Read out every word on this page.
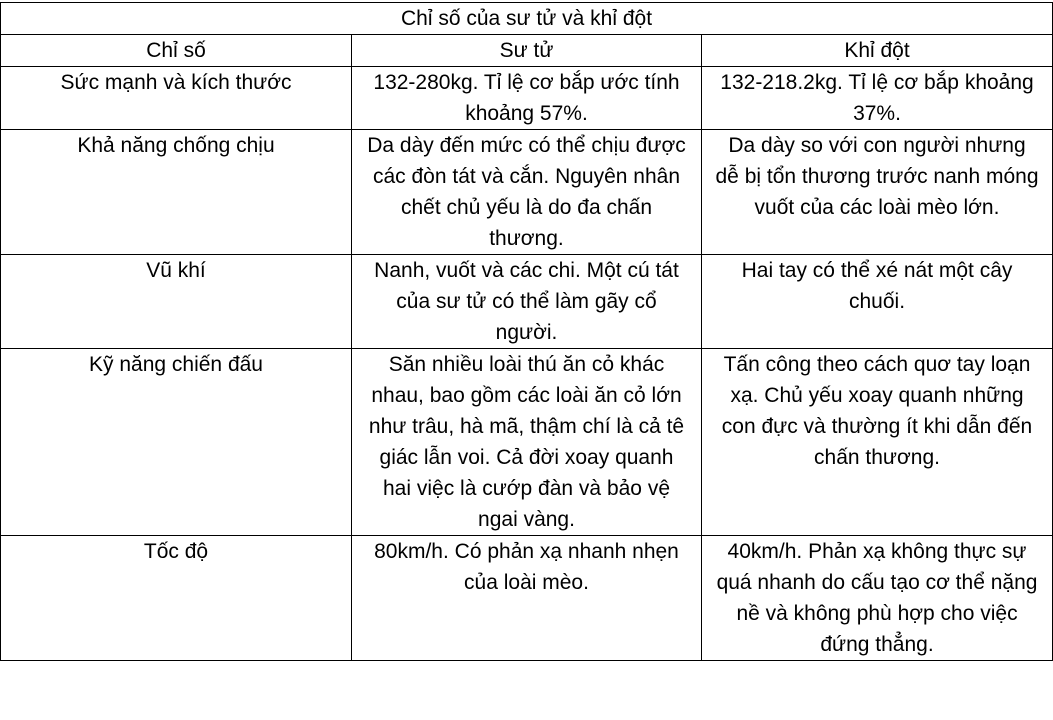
Chỉ số của sư tử và khỉ đột		
Chỉ số	Sư tử	Khỉ đột
Sức mạnh và kích thước	132-280kg. Tỉ lệ cơ bắp ước tính khoảng 57%.	132-218.2kg. Tỉ lệ cơ bắp khoảng 37%.
Khả năng chống chịu	Da dày đến mức có thể chịu được các đòn tát và cắn. Nguyên nhân chết chủ yếu là do đa chấn thương.	Da dày so với con người nhưng dễ bị tổn thương trước nanh móng vuốt của các loài mèo lớn.
Vũ khí	Nanh, vuốt và các chi. Một cú tát của sư tử có thể làm gãy cổ người.	Hai tay có thể xé nát một cây chuối.
Kỹ năng chiến đấu	Săn nhiều loài thú ăn cỏ khác nhau, bao gồm các loài ăn cỏ lớn như trâu, hà mã, thậm chí là cả tê giác lẫn voi. Cả đời xoay quanh hai việc là cướp đàn và bảo vệ ngai vàng.	Tấn công theo cách quơ tay loạn xạ. Chủ yếu xoay quanh những con đực và thường ít khi dẫn đến chấn thương.
Tốc độ	80km/h. Có phản xạ nhanh nhẹn của loài mèo.	40km/h. Phản xạ không thực sự quá nhanh do cấu tạo cơ thể nặng nề và không phù hợp cho việc đứng thẳng.
